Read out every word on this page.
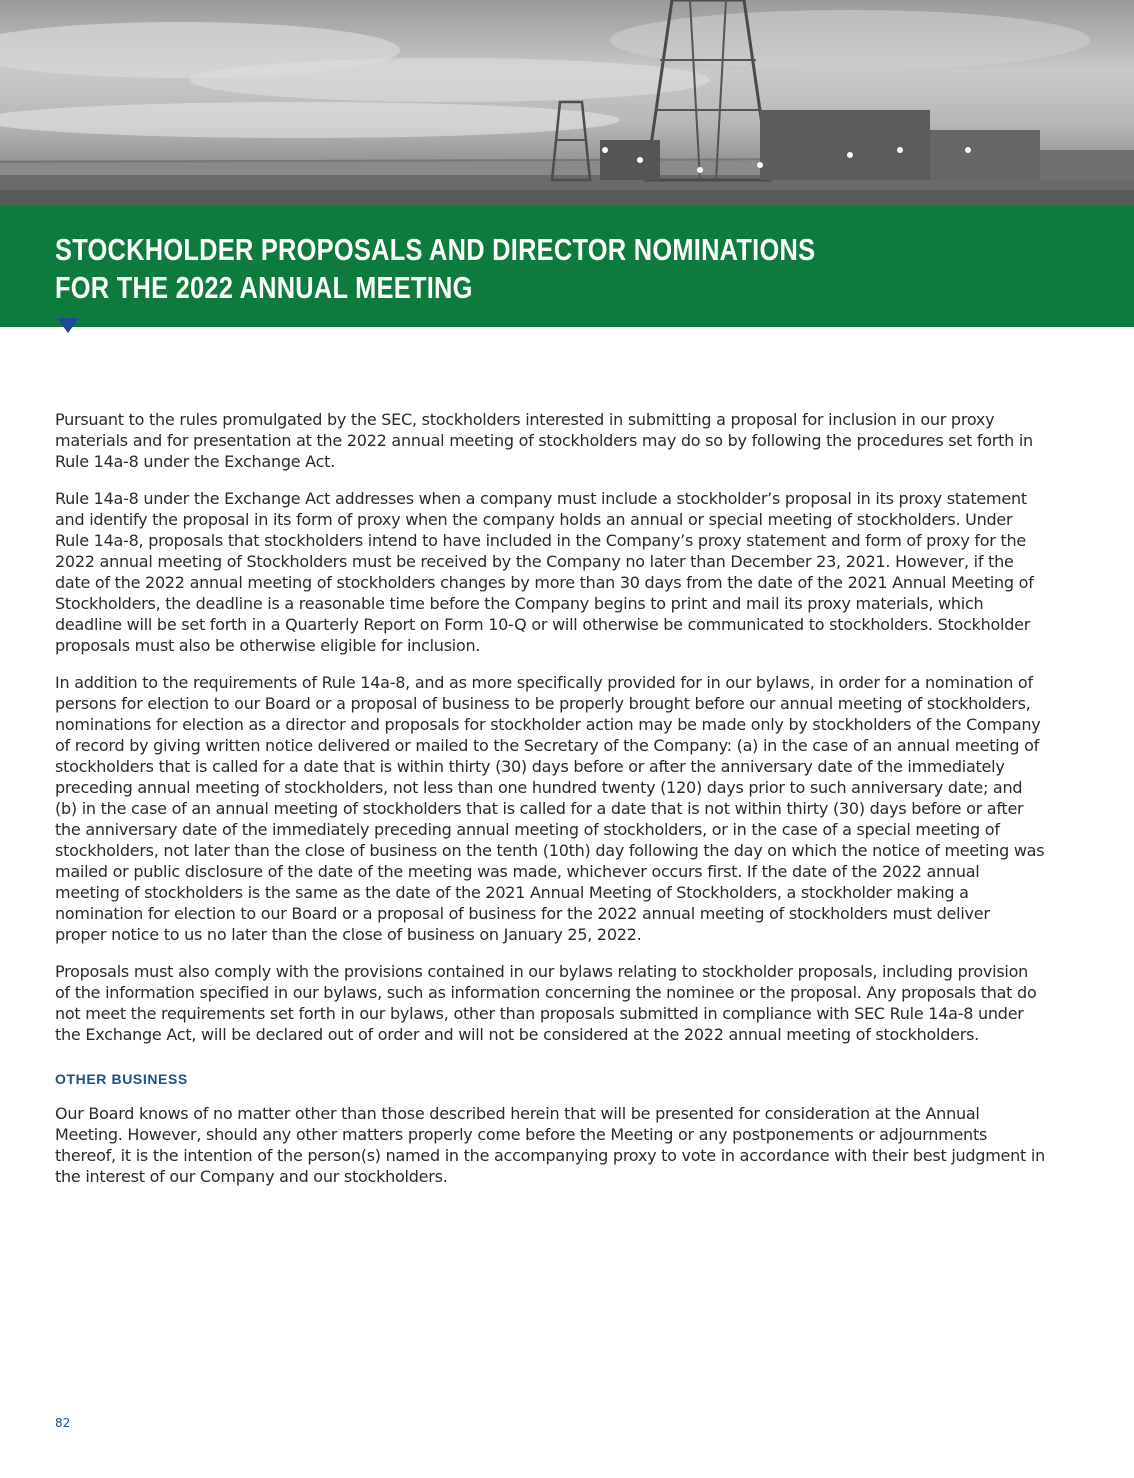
STOCKHOLDER PROPOSALS AND DIRECTOR NOMINATIONS
FOR THE 2022 ANNUAL MEETING

Pursuant to the rules promulgated by the SEC, stockholders interested in submitting a proposal for inclusion in our proxy materials and for presentation at the 2022 annual meeting of stockholders may do so by following the procedures set forth in Rule 14a-8 under the Exchange Act.

Rule 14a-8 under the Exchange Act addresses when a company must include a stockholder’s proposal in its proxy statement and identify the proposal in its form of proxy when the company holds an annual or special meeting of stockholders. Under Rule 14a-8, proposals that stockholders intend to have included in the Company’s proxy statement and form of proxy for the 2022 annual meeting of Stockholders must be received by the Company no later than December 23, 2021. However, if the date of the 2022 annual meeting of stockholders changes by more than 30 days from the date of the 2021 Annual Meeting of Stockholders, the deadline is a reasonable time before the Company begins to print and mail its proxy materials, which deadline will be set forth in a Quarterly Report on Form 10-Q or will otherwise be communicated to stockholders. Stockholder proposals must also be otherwise eligible for inclusion.

In addition to the requirements of Rule 14a-8, and as more specifically provided for in our bylaws, in order for a nomination of persons for election to our Board or a proposal of business to be properly brought before our annual meeting of stockholders, nominations for election as a director and proposals for stockholder action may be made only by stockholders of the Company of record by giving written notice delivered or mailed to the Secretary of the Company: (a) in the case of an annual meeting of stockholders that is called for a date that is within thirty (30) days before or after the anniversary date of the immediately preceding annual meeting of stockholders, not less than one hundred twenty (120) days prior to such anniversary date; and (b) in the case of an annual meeting of stockholders that is called for a date that is not within thirty (30) days before or after the anniversary date of the immediately preceding annual meeting of stockholders, or in the case of a special meeting of stockholders, not later than the close of business on the tenth (10th) day following the day on which the notice of meeting was mailed or public disclosure of the date of the meeting was made, whichever occurs first. If the date of the 2022 annual meeting of stockholders is the same as the date of the 2021 Annual Meeting of Stockholders, a stockholder making a nomination for election to our Board or a proposal of business for the 2022 annual meeting of stockholders must deliver proper notice to us no later than the close of business on January 25, 2022.

Proposals must also comply with the provisions contained in our bylaws relating to stockholder proposals, including provision of the information specified in our bylaws, such as information concerning the nominee or the proposal. Any proposals that do not meet the requirements set forth in our bylaws, other than proposals submitted in compliance with SEC Rule 14a-8 under the Exchange Act, will be declared out of order and will not be considered at the 2022 annual meeting of stockholders.

OTHER BUSINESS

Our Board knows of no matter other than those described herein that will be presented for consideration at the Annual Meeting. However, should any other matters properly come before the Meeting or any postponements or adjournments thereof, it is the intention of the person(s) named in the accompanying proxy to vote in accordance with their best judgment in the interest of our Company and our stockholders.

82
